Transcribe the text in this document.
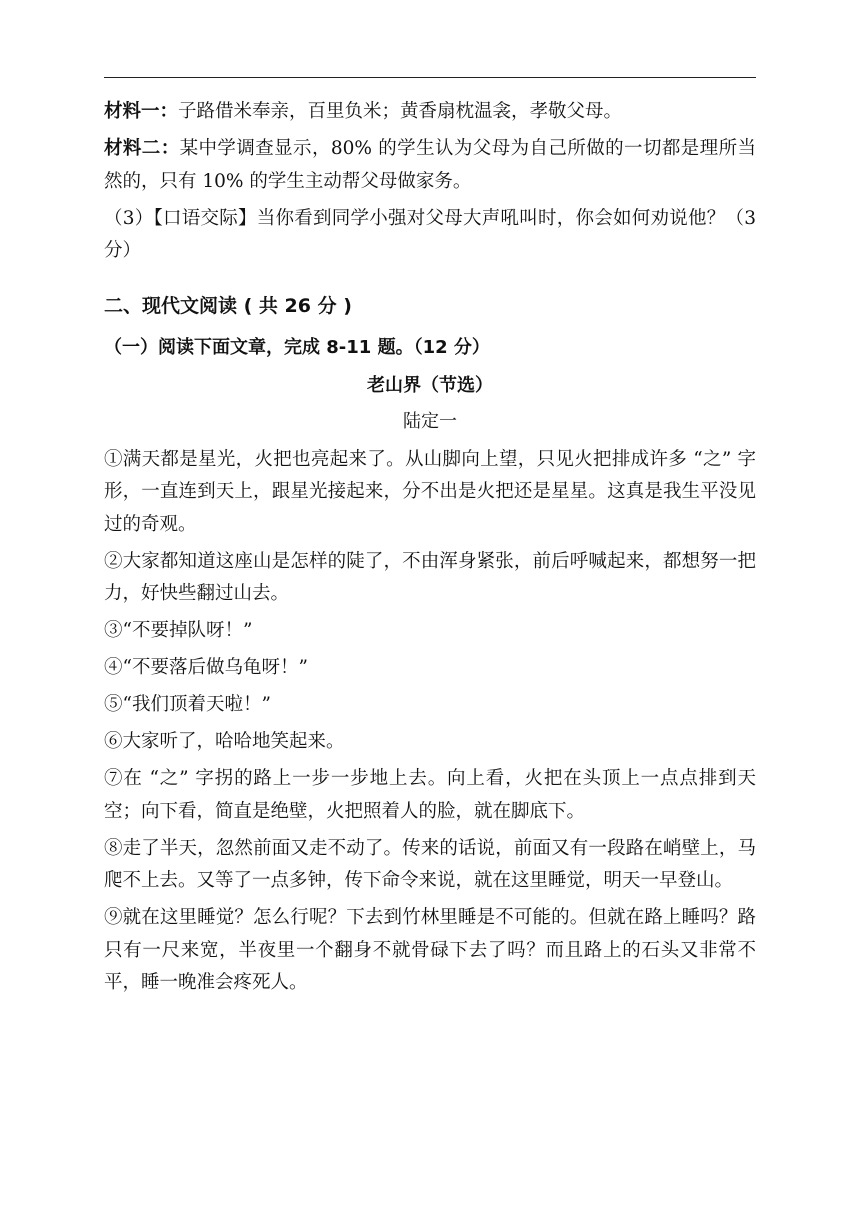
材料一：子路借米奉亲，百里负米；黄香扇枕温衾，孝敬父母。

材料二：某中学调查显示，80% 的学生认为父母为自己所做的一切都是理所当然的，只有 10% 的学生主动帮父母做家务。

（3）【口语交际】当你看到同学小强对父母大声吼叫时，你会如何劝说他？（3 分）

二、现代文阅读 ( 共 26 分 )
（一）阅读下面文章，完成 8-11 题。（12 分）
老山界（节选）
陆定一

①满天都是星光，火把也亮起来了。从山脚向上望，只见火把排成许多 “之” 字形，一直连到天上，跟星光接起来，分不出是火把还是星星。这真是我生平没见过的奇观。

②大家都知道这座山是怎样的陡了，不由浑身紧张，前后呼喊起来，都想努一把力，好快些翻过山去。

③“不要掉队呀！”

④“不要落后做乌龟呀！”

⑤“我们顶着天啦！”

⑥大家听了，哈哈地笑起来。

⑦在 “之” 字拐的路上一步一步地上去。向上看，火把在头顶上一点点排到天空；向下看，简直是绝壁，火把照着人的脸，就在脚底下。

⑧走了半天，忽然前面又走不动了。传来的话说，前面又有一段路在峭壁上，马爬不上去。又等了一点多钟，传下命令来说，就在这里睡觉，明天一早登山。

⑨就在这里睡觉？怎么行呢？下去到竹林里睡是不可能的。但就在路上睡吗？路只有一尺来宽，半夜里一个翻身不就骨碌下去了吗？而且路上的石头又非常不平，睡一晚准会疼死人。
